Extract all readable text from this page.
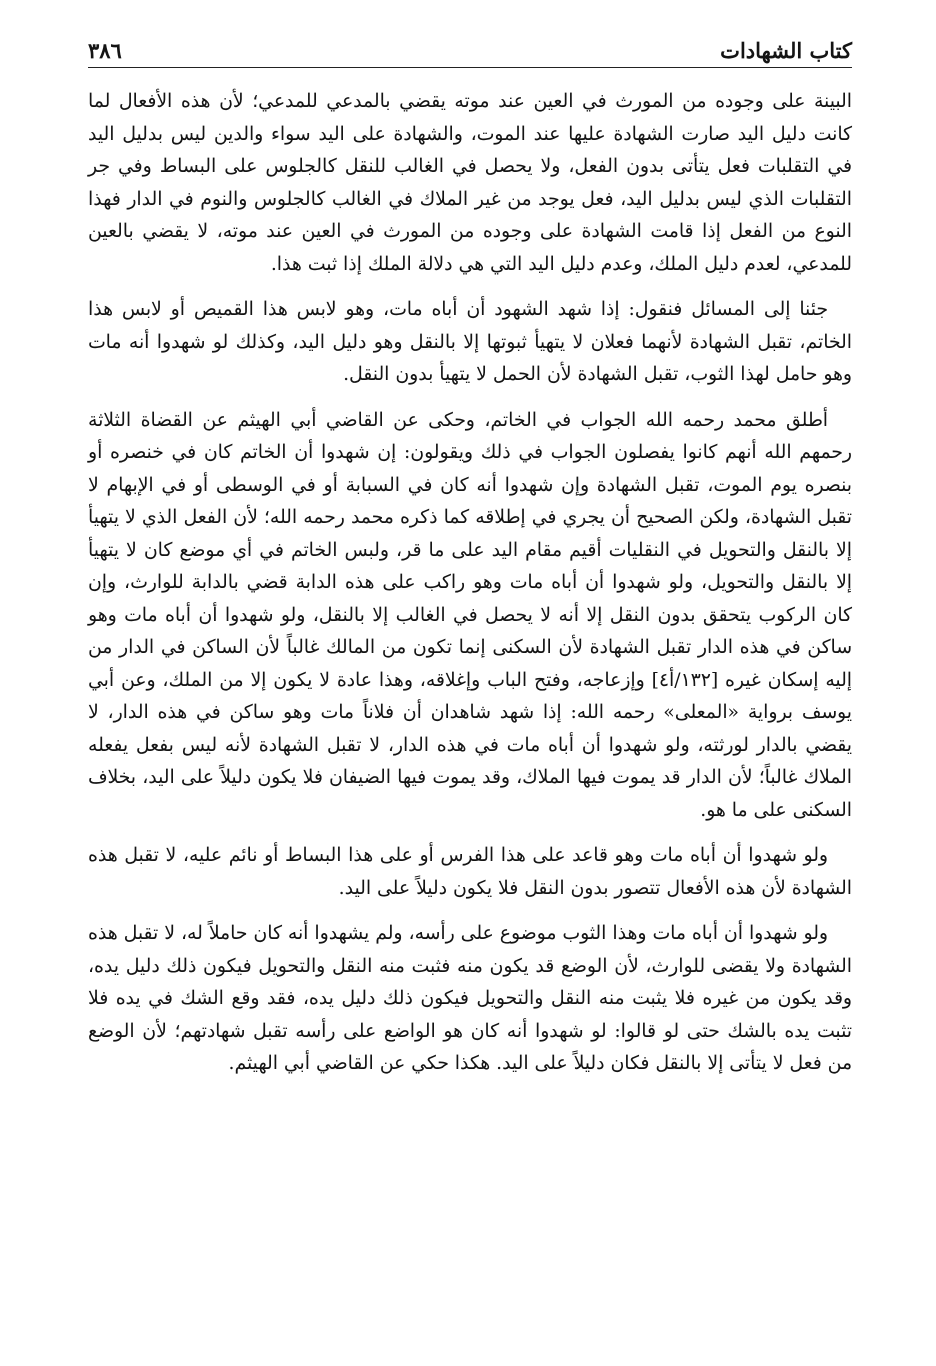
كتاب الشهادات
٣٨٦

البينة على وجوده من المورث في العين عند موته يقضي بالمدعي للمدعي؛ لأن هذه الأفعال لما كانت دليل اليد صارت الشهادة عليها عند الموت، والشهادة على اليد سواء والدين ليس بدليل اليد في التقلبات فعل يتأتى بدون الفعل، ولا يحصل في الغالب للنقل كالجلوس على البساط وفي جر التقلبات الذي ليس بدليل اليد، فعل يوجد من غير الملاك في الغالب كالجلوس والنوم في الدار فهذا النوع من الفعل إذا قامت الشهادة على وجوده من المورث في العين عند موته، لا يقضي بالعين للمدعي، لعدم دليل الملك، وعدم دليل اليد التي هي دلالة الملك إذا ثبت هذا.

جئنا إلى المسائل فنقول: إذا شهد الشهود أن أباه مات، وهو لابس هذا القميص أو لابس هذا الخاتم، تقبل الشهادة لأنهما فعلان لا يتهيأ ثبوتها إلا بالنقل وهو دليل اليد، وكذلك لو شهدوا أنه مات وهو حامل لهذا الثوب، تقبل الشهادة لأن الحمل لا يتهيأ بدون النقل.

أطلق محمد رحمه الله الجواب في الخاتم، وحكى عن القاضي أبي الهيثم عن القضاة الثلاثة رحمهم الله أنهم كانوا يفصلون الجواب في ذلك ويقولون: إن شهدوا أن الخاتم كان في خنصره أو بنصره يوم الموت، تقبل الشهادة وإن شهدوا أنه كان في السبابة أو في الوسطى أو في الإبهام لا تقبل الشهادة، ولكن الصحيح أن يجري في إطلاقه كما ذكره محمد رحمه الله؛ لأن الفعل الذي لا يتهيأ إلا بالنقل والتحويل في النقليات أقيم مقام اليد على ما قر، ولبس الخاتم في أي موضع كان لا يتهيأ إلا بالنقل والتحويل، ولو شهدوا أن أباه مات وهو راكب على هذه الدابة قضي بالدابة للوارث، وإن كان الركوب يتحقق بدون النقل إلا أنه لا يحصل في الغالب إلا بالنقل، ولو شهدوا أن أباه مات وهو ساكن في هذه الدار تقبل الشهادة لأن السكنى إنما تكون من المالك غالباً لأن الساكن في الدار من إليه إسكان غيره [١٣٢/أ٤] وإزعاجه، وفتح الباب وإغلاقه، وهذا عادة لا يكون إلا من الملك، وعن أبي يوسف برواية «المعلى» رحمه الله: إذا شهد شاهدان أن فلاناً مات وهو ساكن في هذه الدار، لا يقضي بالدار لورثته، ولو شهدوا أن أباه مات في هذه الدار، لا تقبل الشهادة لأنه ليس بفعل يفعله الملاك غالباً؛ لأن الدار قد يموت فيها الملاك، وقد يموت فيها الضيفان فلا يكون دليلاً على اليد، بخلاف السكنى على ما هو.

ولو شهدوا أن أباه مات وهو قاعد على هذا الفرس أو على هذا البساط أو نائم عليه، لا تقبل هذه الشهادة لأن هذه الأفعال تتصور بدون النقل فلا يكون دليلاً على اليد.

ولو شهدوا أن أباه مات وهذا الثوب موضوع على رأسه، ولم يشهدوا أنه كان حاملاً له، لا تقبل هذه الشهادة ولا يقضى للوارث، لأن الوضع قد يكون منه فثبت منه النقل والتحويل فيكون ذلك دليل يده، وقد يكون من غيره فلا يثبت منه النقل والتحويل فيكون ذلك دليل يده، فقد وقع الشك في يده فلا تثبت يده بالشك حتى لو قالوا: لو شهدوا أنه كان هو الواضع على رأسه تقبل شهادتهم؛ لأن الوضع من فعل لا يتأتى إلا بالنقل فكان دليلاً على اليد. هكذا حكي عن القاضي أبي الهيثم.
